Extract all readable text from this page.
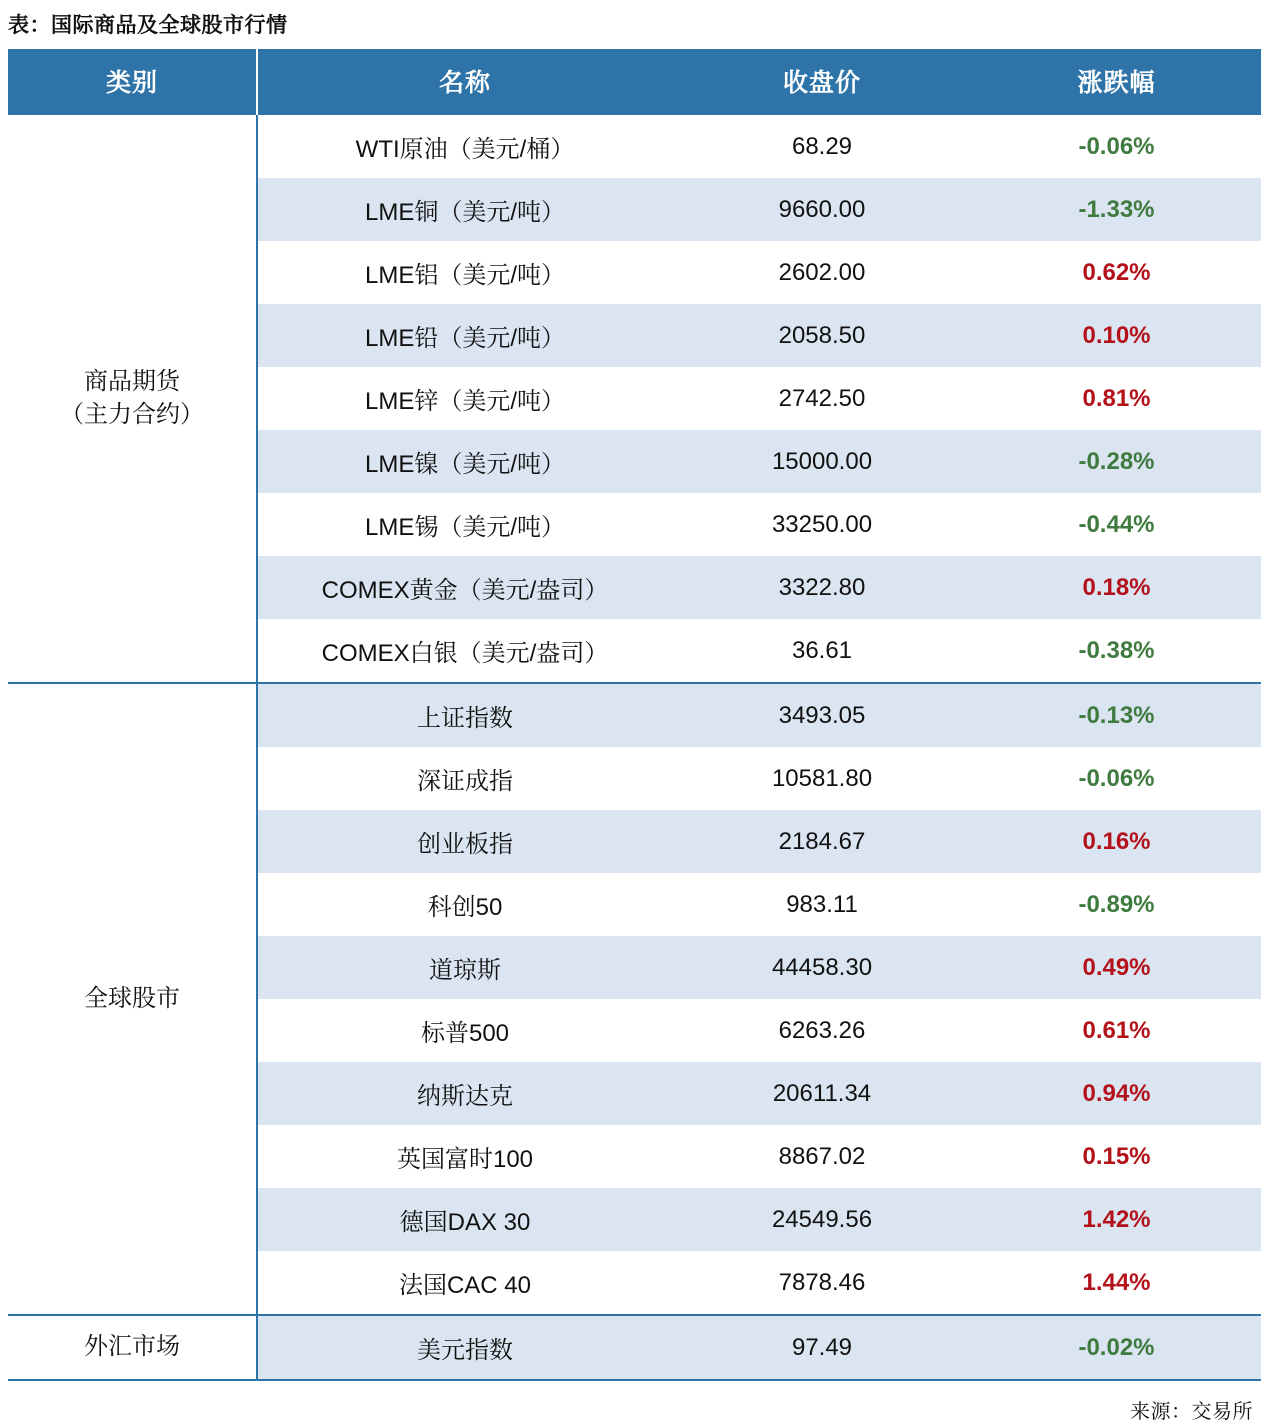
表：国际商品及全球股市行情
类别	名称	收盘价	涨跌幅

商品期货
（主力合约）	WTI原油（美元/桶）	68.29	-0.06%
	LME铜（美元/吨）	9660.00	-1.33%
	LME铝（美元/吨）	2602.00	0.62%
	LME铅（美元/吨）	2058.50	0.10%
	LME锌（美元/吨）	2742.50	0.81%
	LME镍（美元/吨）	15000.00	-0.28%
	LME锡（美元/吨）	33250.00	-0.44%
	COMEX黄金（美元/盎司）	3322.80	0.18%
	COMEX白银（美元/盎司）	36.61	-0.38%

全球股市	上证指数	3493.05	-0.13%
	深证成指	10581.80	-0.06%
	创业板指	2184.67	0.16%
	科创50	983.11	-0.89%
	道琼斯	44458.30	0.49%
	标普500	6263.26	0.61%
	纳斯达克	20611.34	0.94%
	英国富时100	8867.02	0.15%
	德国DAX 30	24549.56	1.42%
	法国CAC 40	7878.46	1.44%

外汇市场	美元指数	97.49	-0.02%
来源：交易所
